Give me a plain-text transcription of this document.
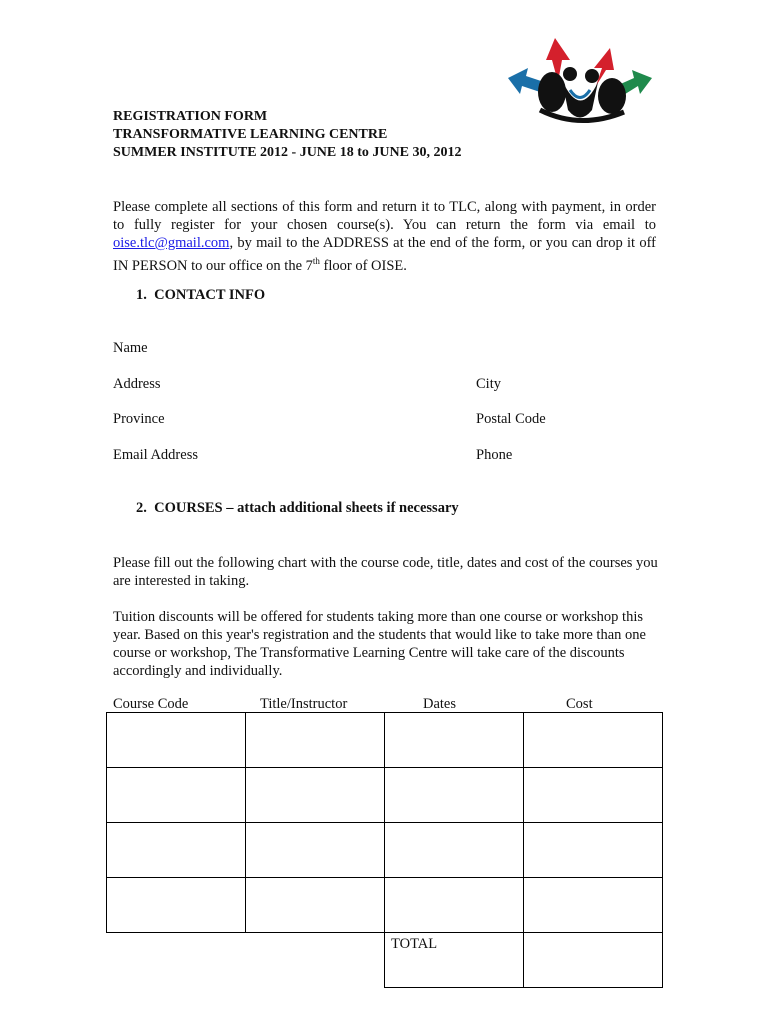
REGISTRATION FORM
TRANSFORMATIVE LEARNING CENTRE
SUMMER INSTITUTE 2012 - JUNE 18 to JUNE 30, 2012
Please complete all sections of this form and return it to TLC, along with payment, in order to fully register for your chosen course(s). You can return the form via email to oise.tlc@gmail.com, by mail to the ADDRESS at the end of the form, or you can drop it off IN PERSON to our office on the 7th floor of OISE.
1. CONTACT INFO
Name
Address	City
Province	Postal Code
Email Address	Phone
2. COURSES – attach additional sheets if necessary
Please fill out the following chart with the course code, title, dates and cost of the courses you are interested in taking.
Tuition discounts will be offered for students taking more than one course or workshop this year. Based on this year's registration and the students that would like to take more than one course or workshop, The Transformative Learning Centre will take care of the discounts accordingly and individually.
Course Code	Title/Instructor	Dates	Cost

		TOTAL	
